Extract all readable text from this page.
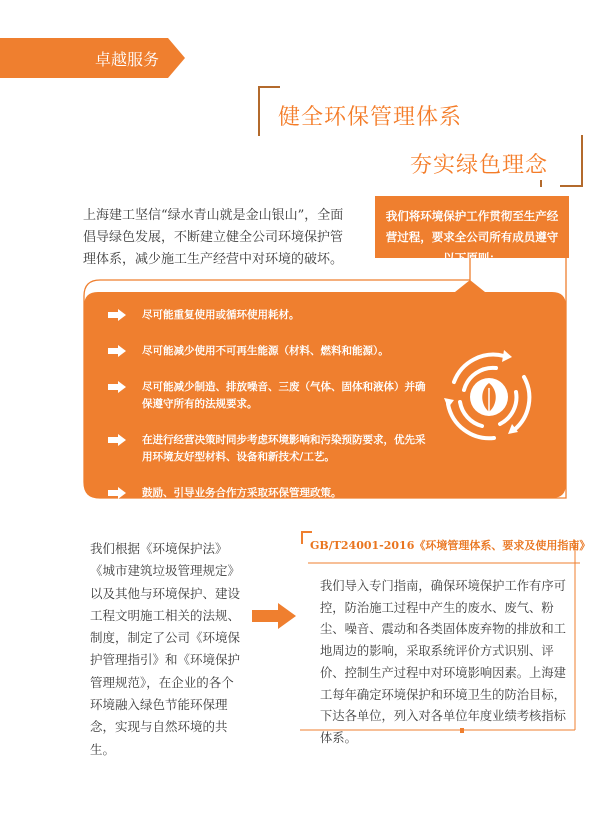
卓越服务
健全环保管理体系
夯实绿色理念
上海建工坚信“绿水青山就是金山银山”，全面倡导绿色发展，不断建立健全公司环境保护管理体系，减少施工生产经营中对环境的破坏。
我们将环境保护工作贯彻至生产经营过程，要求全公司所有成员遵守以下原则：
尽可能重复使用或循环使用耗材。
尽可能减少使用不可再生能源（材料、燃料和能源）。
尽可能减少制造、排放噪音、三废（气体、固体和液体）并确保遵守所有的法规要求。
在进行经营决策时同步考虑环境影响和污染预防要求，优先采用环境友好型材料、设备和新技术/工艺。
鼓励、引导业务合作方采取环保管理政策。
我们根据《环境保护法》《城市建筑垃圾管理规定》以及其他与环境保护、建设工程文明施工相关的法规、制度，制定了公司《环境保护管理指引》和《环境保护管理规范》，在企业的各个环境融入绿色节能环保理念，实现与自然环境的共生。
GB/T24001-2016《环境管理体系、要求及使用指南》
我们导入专门指南，确保环境保护工作有序可控，防治施工过程中产生的废水、废气、粉尘、噪音、震动和各类固体废弃物的排放和工地周边的影响，采取系统评价方式识别、评价、控制生产过程中对环境影响因素。上海建工每年确定环境保护和环境卫生的防治目标，下达各单位，列入对各单位年度业绩考核指标体系。
